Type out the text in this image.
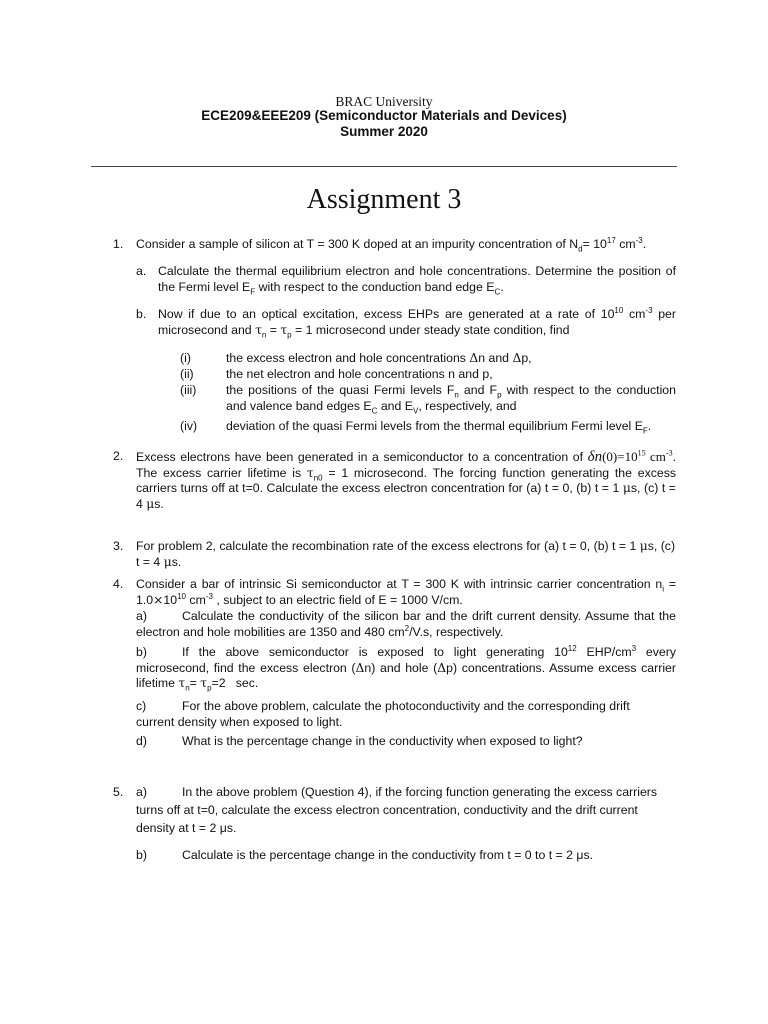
BRAC University
ECE209&EEE209 (Semiconductor Materials and Devices)
Summer 2020
Assignment 3
1. Consider a sample of silicon at T = 300 K doped at an impurity concentration of $N_d= 10^{17}$ $cm^{-3}$.
a. Calculate the thermal equilibrium electron and hole concentrations. Determine the position of the Fermi level $E_F$ with respect to the conduction band edge $E_C$.
b. Now if due to an optical excitation, excess EHPs are generated at a rate of $10^{10}$ $cm^{-3}$ per microsecond and $\tau_n = \tau_p = 1$ microsecond under steady state condition, find
(i)	the excess electron and hole concentrations Δn and Δp,
(ii)	the net electron and hole concentrations n and p,
(iii) the positions of the quasi Fermi levels $F_n$ and $F_p$ with respect to the conduction and valence band edges $E_C$ and $E_V$, respectively, and
(iv) deviation of the quasi Fermi levels from the thermal equilibrium Fermi level $E_F$.
2. Excess electrons have been generated in a semiconductor to a concentration of $\delta n(0)=10^{15}$ $cm^{-3}$. The excess carrier lifetime is $\tau_{n0} = 1$ microsecond. The forcing function generating the excess carriers turns off at t=0. Calculate the excess electron concentration for (a) t = 0, (b) t = 1 μs, (c) t = 4 μs.
3. For problem 2, calculate the recombination rate of the excess electrons for (a) t = 0, (b) t = 1 μs, (c) t = 4 μs.
4. Consider a bar of intrinsic Si semiconductor at T = 300 K with intrinsic carrier concentration $n_i = 1.0\times 10^{10}$ $cm^{-3}$ , subject to an electric field of E = 1000 V/cm.
a)	Calculate the conductivity of the silicon bar and the drift current density. Assume that the electron and hole mobilities are 1350 and 480 $cm^2/V.s$, respectively.
b)	If the above semiconductor is exposed to light generating $10^{12}$ EHP/$cm^3$ every microsecond, find the excess electron (Δn) and hole (Δp) concentrations. Assume excess carrier lifetime $\tau_n= \tau_p=2$   sec.
c)	For the above problem, calculate the photoconductivity and the corresponding drift
current density when exposed to light.
d)	What is the percentage change in the conductivity when exposed to light?
5. a)	In the above problem (Question 4), if the forcing function generating the excess carriers
turns off at t=0, calculate the excess electron concentration, conductivity and the drift current
density at t = 2 μs.
b)	Calculate is the percentage change in the conductivity from t = 0 to t = 2 μs.
